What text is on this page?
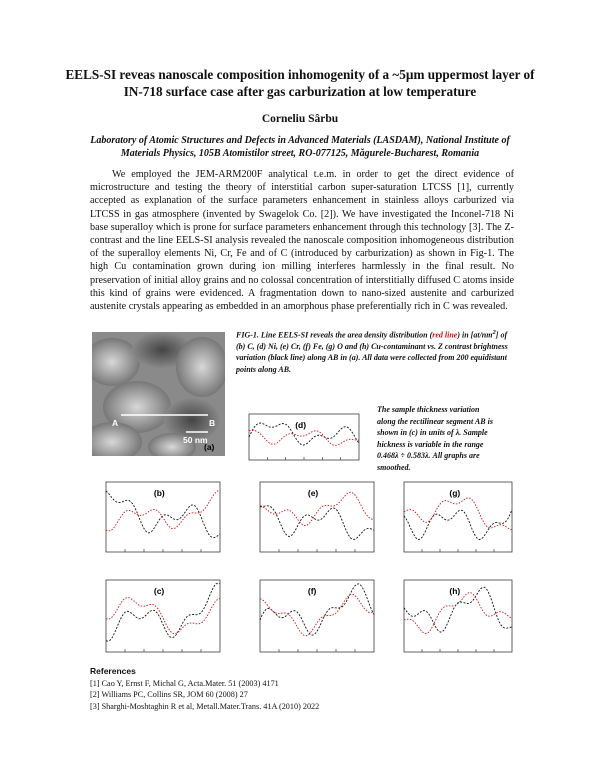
EELS-SI reveas nanoscale composition inhomogenity of a ~5µm uppermost layer of IN-718 surface case after gas carburization at low temperature
Corneliu Sârbu
Laboratory of Atomic Structures and Defects in Advanced Materials (LASDAM), National Institute of Materials Physics, 105B Atomistilor street, RO-077125, Măgurele-Bucharest, Romania
We employed the JEM-ARM200F analytical t.e.m. in order to get the direct evidence of microstructure and testing the theory of interstitial carbon super-saturation LTCSS [1], currently accepted as explanation of the surface parameters enhancement in stainless alloys carburized via LTCSS in gas atmosphere (invented by Swagelok Co. [2]). We have investigated the Inconel-718 Ni base superalloy which is prone for surface parameters enhancement through this technology [3]. The Z-contrast and the line EELS-SI analysis revealed the nanoscale composition inhomogeneous distribution of the superalloy elements Ni, Cr, Fe and of C (introduced by carburization) as shown in Fig-1. The high Cu contamination grown during ion milling interferes harmlessly in the final result. No preservation of initial alloy grains and no colossal concentration of interstitially diffused C atoms inside this kind of grains were evidenced. A fragmentation down to nano-sized austenite and carburized austenite crystals appearing as embedded in an amorphous phase preferentially rich in C was revealed.
A	B
50 nm
(a)
FIG-1. Line EELS-SI reveals the area density distribution (red line) in $[at/nm^2]$ of (b) C, (d) Ni, (e) Cr, (f) Fe, (g) O and (h) Cu-contaminant vs. Z contrast brightness variation (black line) along AB in (a). All data were collected from 200 equidistant points along AB.
The sample thickness variation along the rectilinear segment AB is shown in (c) in units of λ. Sample hickness is variable in the range 0.468λ ÷ 0.583λ. All graphs are smoothed.
(d)
(b)	(e)	(g)
(c)	(f)	(h)
References
[1] Cao Y, Ernst F, Michal G, Acta.Mater. 51 (2003) 4171
[2] Williams PC, Collins SR, JOM 60 (2008) 27
[3] Sharghi-Moshtaghin R et al, Metall.Mater.Trans. 41A (2010) 2022
